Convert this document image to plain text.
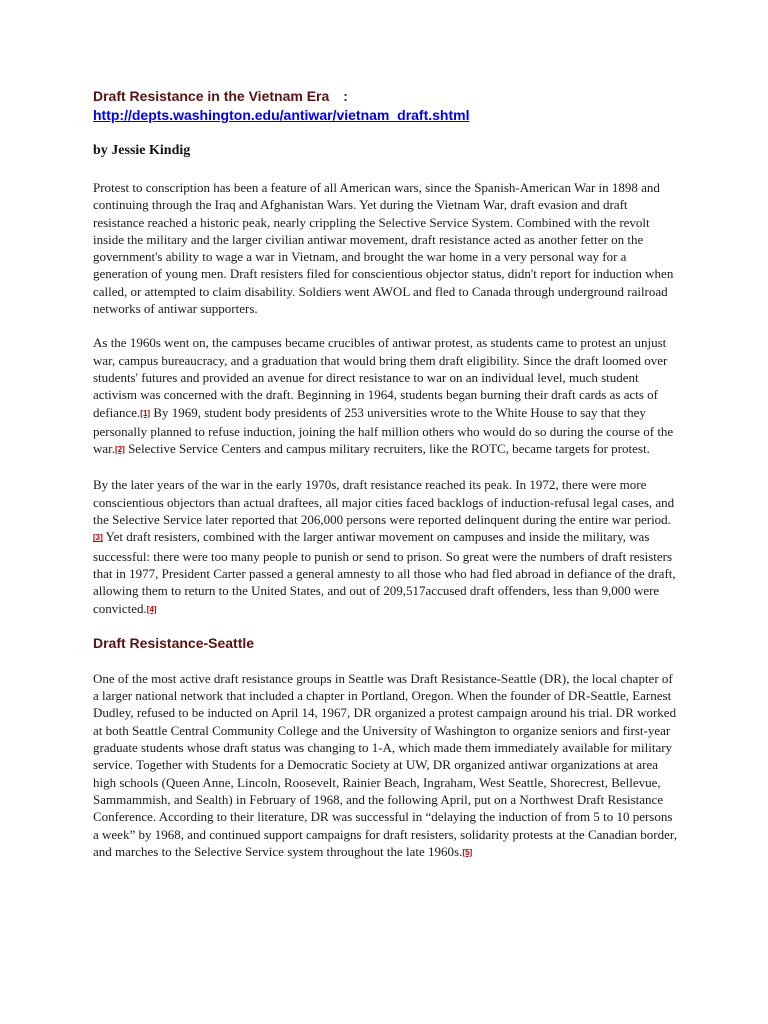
Draft Resistance in the Vietnam Era :
http://depts.washington.edu/antiwar/vietnam_draft.shtml
by Jessie Kindig

Protest to conscription has been a feature of all American wars, since the Spanish-American War in 1898 and continuing through the Iraq and Afghanistan Wars. Yet during the Vietnam War, draft evasion and draft resistance reached a historic peak, nearly crippling the Selective Service System. Combined with the revolt inside the military and the larger civilian antiwar movement, draft resistance acted as another fetter on the government's ability to wage a war in Vietnam, and brought the war home in a very personal way for a generation of young men. Draft resisters filed for conscientious objector status, didn't report for induction when called, or attempted to claim disability. Soldiers went AWOL and fled to Canada through underground railroad networks of antiwar supporters.

As the 1960s went on, the campuses became crucibles of antiwar protest, as students came to protest an unjust war, campus bureaucracy, and a graduation that would bring them draft eligibility. Since the draft loomed over students' futures and provided an avenue for direct resistance to war on an individual level, much student activism was concerned with the draft. Beginning in 1964, students began burning their draft cards as acts of defiance.[1] By 1969, student body presidents of 253 universities wrote to the White House to say that they personally planned to refuse induction, joining the half million others who would do so during the course of the war.[2] Selective Service Centers and campus military recruiters, like the ROTC, became targets for protest.

By the later years of the war in the early 1970s, draft resistance reached its peak. In 1972, there were more conscientious objectors than actual draftees, all major cities faced backlogs of induction-refusal legal cases, and the Selective Service later reported that 206,000 persons were reported delinquent during the entire war period.[3] Yet draft resisters, combined with the larger antiwar movement on campuses and inside the military, was successful: there were too many people to punish or send to prison. So great were the numbers of draft resisters that in 1977, President Carter passed a general amnesty to all those who had fled abroad in defiance of the draft, allowing them to return to the United States, and out of 209,517accused draft offenders, less than 9,000 were convicted.[4]

Draft Resistance-Seattle

One of the most active draft resistance groups in Seattle was Draft Resistance-Seattle (DR), the local chapter of a larger national network that included a chapter in Portland, Oregon. When the founder of DR-Seattle, Earnest Dudley, refused to be inducted on April 14, 1967, DR organized a protest campaign around his trial. DR worked at both Seattle Central Community College and the University of Washington to organize seniors and first-year graduate students whose draft status was changing to 1-A, which made them immediately available for military service. Together with Students for a Democratic Society at UW, DR organized antiwar organizations at area high schools (Queen Anne, Lincoln, Roosevelt, Rainier Beach, Ingraham, West Seattle, Shorecrest, Bellevue, Sammammish, and Sealth) in February of 1968, and the following April, put on a Northwest Draft Resistance Conference. According to their literature, DR was successful in “delaying the induction of from 5 to 10 persons a week” by 1968, and continued support campaigns for draft resisters, solidarity protests at the Canadian border, and marches to the Selective Service system throughout the late 1960s.[5]
